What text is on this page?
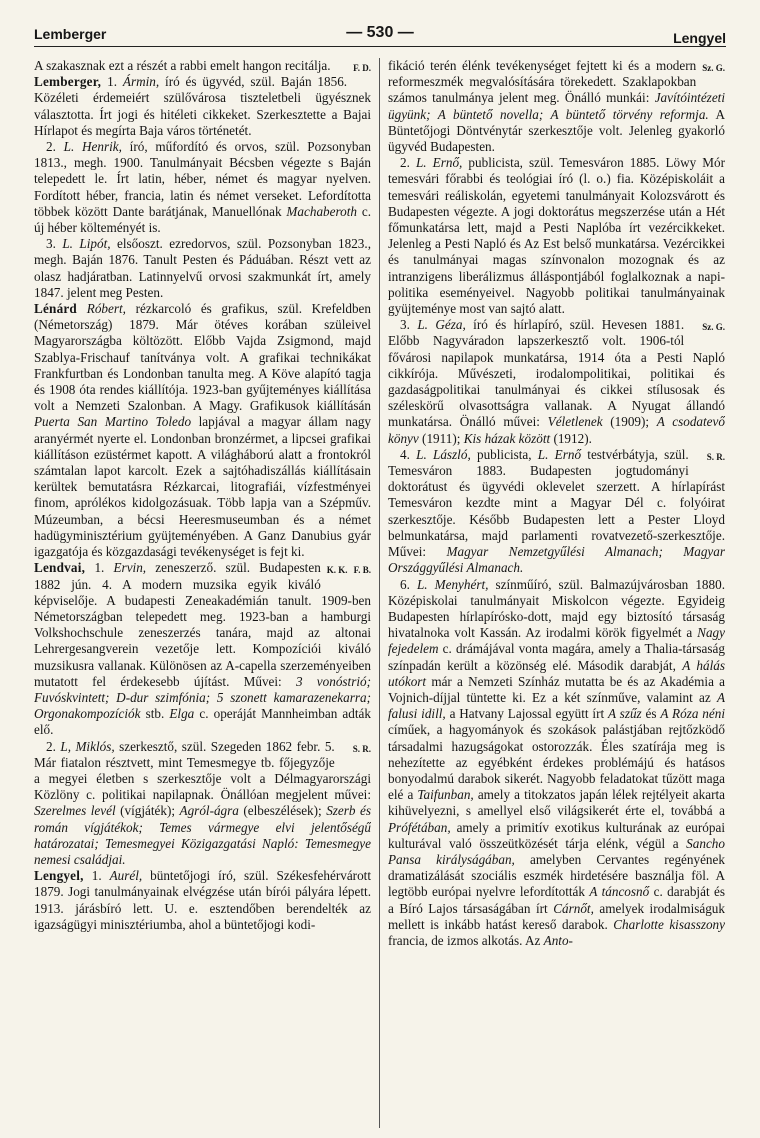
Lemberger	— 530 —	Lengyel

F. D.
A szakasznak ezt a részét a rabbi emelt hangon recitálja.

Lemberger, 1. Ármin, író és ügyvéd, szül. Baján 1856. Közéleti érdemeiért szülővárosa tiszteletbeli ügyésznek választotta. Írt jogi és hitéleti cikkeket. Szerkesztette a Bajai Hírlapot és megírta Baja város történetét.

2. L. Henrik, író, műfordító és orvos, szül. Pozsonyban 1813., megh. 1900. Tanulmányait Bécsben végezte s Baján telepedett le. Írt latin, héber, német és magyar nyelven. Fordított héber, francia, latin és német verseket. Lefordította többek között Dante barátjának, Manuellónak Machaberoth c. új héber költeményét is.

3. L. Lipót, elsőoszt. ezredorvos, szül. Pozsonyban 1823., megh. Baján 1876. Tanult Pesten és Páduában. Részt vett az olasz hadjáratban. Latinnyelvű orvosi szakmunkát írt, amely 1847. jelent meg Pesten.

Lénárd Róbert, rézkarcoló és grafikus, szül. Krefeldben (Németország) 1879. Már ötéves korában szüleivel Magyarországba költözött. Előbb Vajda Zsigmond, majd Szablya-Frischauf tanítványa volt. A grafikai technikákat Frankfurtban és Londonban tanulta meg. A Köve alapító tagja és 1908 óta rendes kiállítója. 1923-ban gyűjteményes kiállítása volt a Nemzeti Szalonban. A Magy. Grafikusok kiállításán Puerta San Martino Toledo lapjával a magyar állam nagy aranyérmét nyerte el. Londonban bronzérmet, a lipcsei grafikai kiállításon ezüstérmet kapott. A világháború alatt a frontokról számtalan lapot karcolt. Ezek a sajtóhadiszállás kiállításain kerültek bemutatásra Rézkarcai, litografiái, vízfestményei finom, aprólékos kidolgozásuak. Több lapja van a Szépműv. Múzeumban, a bécsi Heeresmuseumban és a német hadügyminisztérium gyüjteményében. A Ganz Danubius gyár igazgatója és közgazdasági tevékenységet is fejt ki.

F. B.

K. K.
Lendvai, 1. Ervin, zeneszerző. szül. Budapesten 1882 jún. 4. A modern muzsika egyik kiváló képviselője. A budapesti Zeneakadémián tanult. 1909-ben Németországban telepedett meg. 1923-ban a hamburgi Volkshochschule zeneszerzés tanára, majd az altonai Lehrergesangverein vezetője lett. Kompozíciói kiváló muzsikusra vallanak. Különösen az A-capella szerzeményeiben mutatott fel érdekesebb újítást. Művei: 3 vonóstrió; Fuvóskvintett; D-dur szimfónia; 5 szonett kamarazenekarra; Orgonakompozíciók stb. Elga c. operáját Mannheimban adták elő.

S. R.
2. L, Miklós, szerkesztő, szül. Szegeden 1862 febr. 5. Már fiatalon résztvett, mint Temesmegye tb. főjegyzője a megyei életben s szerkesztője volt a Délmagyarországi Közlöny c. politikai napilapnak. Önállóan megjelent művei: Szerelmes levél (vígjáték); Agról-ágra (elbeszélések); Szerb és román vígjátékok; Temes vármegye elvi jelentőségű határozatai; Temesmegyei Közigazgatási Napló: Temesmegye nemesi családjai.

Lengyel, 1. Aurél, büntetőjogi író, szül. Székesfehérvárott 1879. Jogi tanulmányainak elvégzése után bírói pályára lépett. 1913. járásbíró lett. U. e. esztendőben berendelték az igazságügyi minisztériumba, ahol a büntetőjogi kodi-

Sz. G.
fikáció terén élénk tevékenységet fejtett ki és a modern reformeszmék megvalósítására törekedett. Szaklapokban számos tanulmánya jelent meg. Önálló munkái: Javítóintézeti ügyünk; A büntető novella; A büntető törvény reformja. A Büntetőjogi Döntvénytár szerkesztője volt. Jelenleg gyakorló ügyvéd Budapesten.

2. L. Ernő, publicista, szül. Temesváron 1885. Löwy Mór temesvári főrabbi és teológiai író (l. o.) fia. Középiskoláit a temesvári reáliskolán, egyetemi tanulmányait Kolozsvárott és Budapesten végezte. A jogi doktorátus megszerzése után a Hét főmunkatársa lett, majd a Pesti Naplóba írt vezércikkeket. Jelenleg a Pesti Napló és Az Est belső munkatársa. Vezércikkei és tanulmányai magas színvonalon mozognak és az intranzigens liberálizmus álláspontjából foglalkoznak a napi-politika eseményeivel. Nagyobb politikai tanulmányainak gyüjteménye most van sajtó alatt.

Sz. G.
3. L. Géza, író és hírlapíró, szül. Hevesen 1881. Előbb Nagyváradon lapszerkesztő volt. 1906-tól fővárosi napilapok munkatársa, 1914 óta a Pesti Napló cikkírója. Művészeti, irodalompolitikai, politikai és gazdaságpolitikai tanulmányai és cikkei stílusosak és széleskörű olvasottságra vallanak. A Nyugat állandó munkatársa. Önálló művei: Véletlenek (1909); A csodatevő könyv (1911); Kis házak között (1912).

S. R.
4. L. László, publicista, L. Ernő testvérbátyja, szül. Temesváron 1883. Budapesten jogtudományi doktorátust és ügyvédi oklevelet szerzett. A hírlapírást Temesváron kezdte mint a Magyar Dél c. folyóirat szerkesztője. Később Budapesten lett a Pester Lloyd belmunkatársa, majd parlamenti rovatvezető-szerkesztője. Művei: Magyar Nemzetgyűlési Almanach; Magyar Országgyűlési Almanach.

6. L. Menyhért, színműíró, szül. Balmazújvárosban 1880. Középiskolai tanulmányait Miskolcon végezte. Egyideig Budapesten hírlapírósko-dott, majd egy biztosító társaság hivatalnoka volt Kassán. Az irodalmi körök figyelmét a Nagy fejedelem c. drámájával vonta magára, amely a Thalia-társaság színpadán került a közönség elé. Második darabját, A hálás utókort már a Nemzeti Színház mutatta be és az Akadémia a Vojnich-díjjal tüntette ki. Ez a két színműve, valamint az A falusi idill, a Hatvany Lajossal együtt írt A szűz és A Róza néni címűek, a hagyományok és szokások palástjában rejtőzködő társadalmi hazugságokat ostorozzák. Éles szatírája meg is nehezítette az egyébként érdekes problémájú és hatásos bonyodalmú darabok sikerét. Nagyobb feladatokat tűzött maga elé a Taifunban, amely a titokzatos japán lélek rejtélyeit akarta kihüvelyezni, s amellyel első világsikerét érte el, továbbá a Prófétában, amely a primitív exotikus kulturának az európai kulturával való összeütközését tárja elénk, végül a Sancho Pansa királyságában, amelyben Cervantes regényének dramatizálását szociális eszmék hirdetésére basználja föl. A legtöbb európai nyelvre lefordították A táncosnő c. darabját és a Bíró Lajos társaságában írt Cárnőt, amelyek irodalmiságuk mellett is inkább hatást kereső darabok. Charlotte kisasszony francia, de izmos alkotás. Az Anto-
